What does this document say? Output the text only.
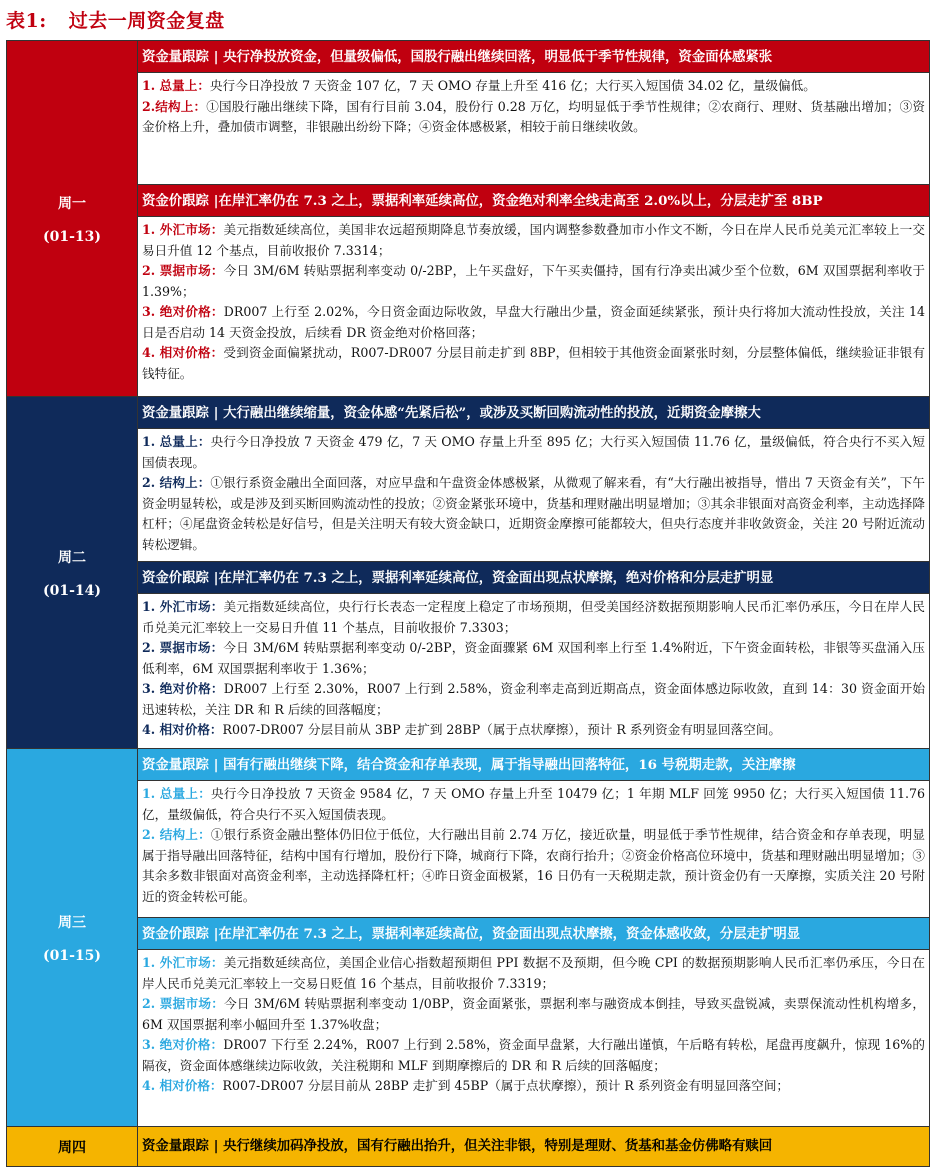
表1: 过去一周资金复盘
周一
(01-13)
资金量跟踪 | 央行净投放资金，但量级偏低，国股行融出继续回落，明显低于季节性规律，资金面体感紧张

1. 总量上：央行今日净投放 7 天资金 107 亿，7 天 OMO 存量上升至 416 亿；大行买入短国债 34.02 亿，量级偏低。

2.结构上：①国股行融出继续下降，国有行目前 3.04，股份行 0.28 万亿，均明显低于季节性规律；②农商行、理财、货基融出增加；③资金价格上升，叠加债市调整，非银融出纷纷下降；④资金体感极紧，相较于前日继续收敛。

资金价跟踪 |在岸汇率仍在 7.3 之上，票据利率延续高位，资金绝对利率全线走高至 2.0%以上，分层走扩至 8BP

1. 外汇市场：美元指数延续高位，美国非农远超预期降息节奏放缓，国内调整参数叠加市小作文不断，今日在岸人民币兑美元汇率较上一交易日升值 12 个基点，目前收报价 7.3314；

2. 票据市场：今日 3M/6M 转贴票据利率变动 0/-2BP，上午买盘好，下午买卖僵持，国有行净卖出减少至个位数，6M 双国票据利率收于 1.39%；

3. 绝对价格：DR007 上行至 2.02%，今日资金面边际收敛，早盘大行融出少量，资金面延续紧张，预计央行将加大流动性投放，关注 14 日是否启动 14 天资金投放，后续看 DR 资金绝对价格回落；

4. 相对价格：受到资金面偏紧扰动，R007-DR007 分层目前走扩到 8BP，但相较于其他资金面紧张时刻，分层整体偏低，继续验证非银有钱特征。

周二
(01-14)
资金量跟踪 | 大行融出继续缩量，资金体感“先紧后松”，或涉及买断回购流动性的投放，近期资金摩擦大

1. 总量上：央行今日净投放 7 天资金 479 亿，7 天 OMO 存量上升至 895 亿；大行买入短国债 11.76 亿，量级偏低，符合央行不买入短国债表现。

2. 结构上：①银行系资金融出全面回落，对应早盘和午盘资金体感极紧，从微观了解来看，有“大行融出被指导，惜出 7 天资金有关”，下午资金明显转松，或是涉及到买断回购流动性的投放；②资金紧张环境中，货基和理财融出明显增加；③其余非银面对高资金利率，主动选择降杠杆；④尾盘资金转松是好信号，但是关注明天有较大资金缺口，近期资金摩擦可能都较大，但央行态度并非收敛资金，关注 20 号附近流动转松逻辑。

资金价跟踪 |在岸汇率仍在 7.3 之上，票据利率延续高位，资金面出现点状摩擦，绝对价格和分层走扩明显

1. 外汇市场：美元指数延续高位，央行行长表态一定程度上稳定了市场预期，但受美国经济数据预期影响人民币汇率仍承压，今日在岸人民币兑美元汇率较上一交易日升值 11 个基点，目前收报价 7.3303；

2. 票据市场：今日 3M/6M 转贴票据利率变动 0/-2BP，资金面骤紧 6M 双国利率上行至 1.4%附近，下午资金面转松，非银等买盘涌入压低利率，6M 双国票据利率收于 1.36%；

3. 绝对价格：DR007 上行至 2.30%，R007 上行到 2.58%，资金利率走高到近期高点，资金面体感边际收敛，直到 14：30 资金面开始迅速转松，关注 DR 和 R 后续的回落幅度；

4. 相对价格：R007-DR007 分层目前从 3BP 走扩到 28BP（属于点状摩擦），预计 R 系列资金有明显回落空间。

周三
(01-15)
资金量跟踪 | 国有行融出继续下降，结合资金和存单表现，属于指导融出回落特征，16 号税期走款，关注摩擦

1. 总量上：央行今日净投放 7 天资金 9584 亿，7 天 OMO 存量上升至 10479 亿；1 年期 MLF 回笼 9950 亿；大行买入短国债 11.76 亿，量级偏低，符合央行不买入短国债表现。

2. 结构上：①银行系资金融出整体仍旧位于低位，大行融出目前 2.74 万亿，接近砍量，明显低于季节性规律，结合资金和存单表现，明显属于指导融出回落特征，结构中国有行增加，股份行下降，城商行下降，农商行抬升；②资金价格高位环境中，货基和理财融出明显增加；③其余多数非银面对高资金利率，主动选择降杠杆；④昨日资金面极紧，16 日仍有一天税期走款，预计资金仍有一天摩擦，实质关注 20 号附近的资金转松可能。

资金价跟踪 |在岸汇率仍在 7.3 之上，票据利率延续高位，资金面出现点状摩擦，资金体感收敛，分层走扩明显

1. 外汇市场：美元指数延续高位，美国企业信心指数超预期但 PPI 数据不及预期，但今晚 CPI 的数据预期影响人民币汇率仍承压，今日在岸人民币兑美元汇率较上一交易日贬值 16 个基点，目前收报价 7.3319；

2. 票据市场：今日 3M/6M 转贴票据利率变动 1/0BP，资金面紧张，票据利率与融资成本倒挂，导致买盘锐减，卖票保流动性机构增多，6M 双国票据利率小幅回升至 1.37%收盘；

3. 绝对价格：DR007 下行至 2.24%，R007 上行到 2.58%，资金面早盘紧，大行融出谨慎，午后略有转松，尾盘再度飙升，惊现 16%的隔夜，资金面体感继续边际收敛，关注税期和 MLF 到期摩擦后的 DR 和 R 后续的回落幅度；

4. 相对价格：R007-DR007 分层目前从 28BP 走扩到 45BP（属于点状摩擦），预计 R 系列资金有明显回落空间；

周四	资金量跟踪 | 央行继续加码净投放，国有行融出抬升，但关注非银，特别是理财、货基和基金仿佛略有赎回
